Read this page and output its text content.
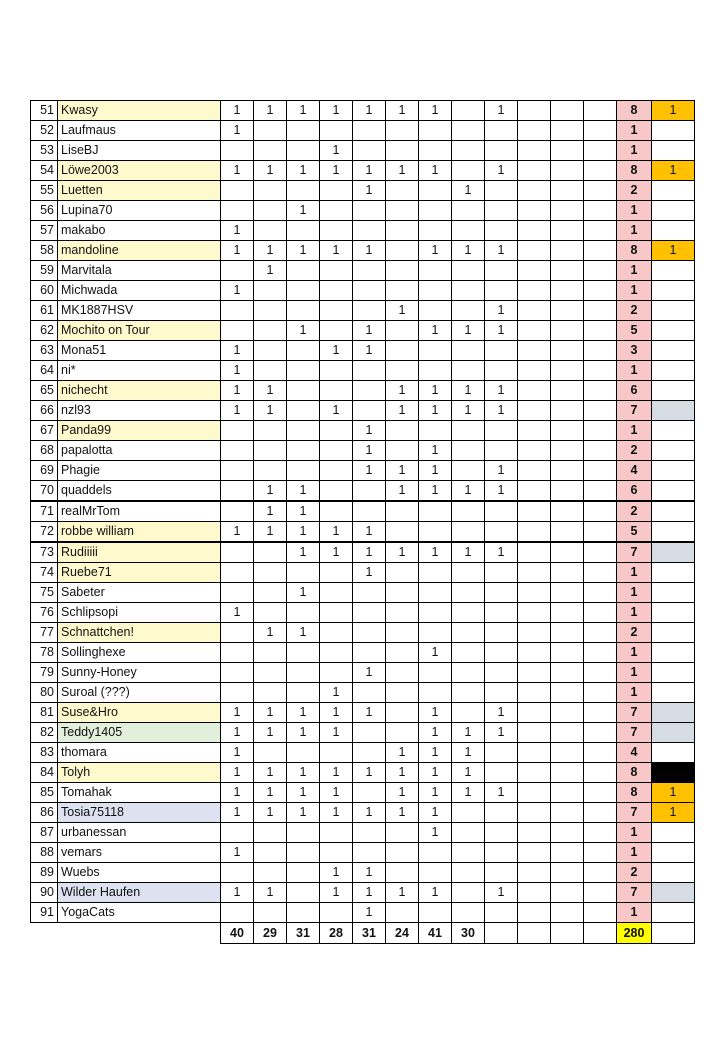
51	Kwasy	1	1	1	1	1	1	1		1				8	1
52	Laufmaus	1												1	
53	LiseBJ				1									1	
54	Löwe2003	1	1	1	1	1	1	1		1				8	1
55	Luetten					1			1					2	
56	Lupina70			1										1	
57	makabo	1												1	
58	mandoline	1	1	1	1	1		1	1	1				8	1
59	Marvitala		1											1	
60	Michwada	1												1	
61	MK1887HSV						1			1				2	
62	Mochito on Tour			1		1		1	1	1				5	
63	Mona51	1			1	1								3	
64	ni*	1												1	
65	nichecht	1	1				1	1	1	1				6	
66	nzl93	1	1		1		1	1	1	1				7	
67	Panda99					1								1	
68	papalotta					1		1						2	
69	Phagie					1	1	1		1				4	
70	quaddels		1	1			1	1	1	1				6	
71	realMrTom		1	1										2	
72	robbe william	1	1	1	1	1								5	
73	Rudiiiii			1	1	1	1	1	1	1				7	
74	Ruebe71					1								1	
75	Sabeter			1										1	
76	Schlipsopi	1												1	
77	Schnattchen!		1	1										2	
78	Sollinghexe							1						1	
79	Sunny-Honey					1								1	
80	Suroal (???)				1									1	
81	Suse&Hro	1	1	1	1	1		1		1				7	
82	Teddy1405	1	1	1	1			1	1	1				7	
83	thomara	1					1	1	1					4	
84	Tolyh	1	1	1	1	1	1	1	1					8	
85	Tomahak	1	1	1	1		1	1	1	1				8	1
86	Tosia75118	1	1	1	1	1	1	1						7	1
87	urbanessan							1						1	
88	vemars	1												1	
89	Wuebs				1	1								2	
90	Wilder Haufen	1	1		1	1	1	1		1				7	
91	YogaCats					1								1	
		40	29	31	28	31	24	41	30					280	
